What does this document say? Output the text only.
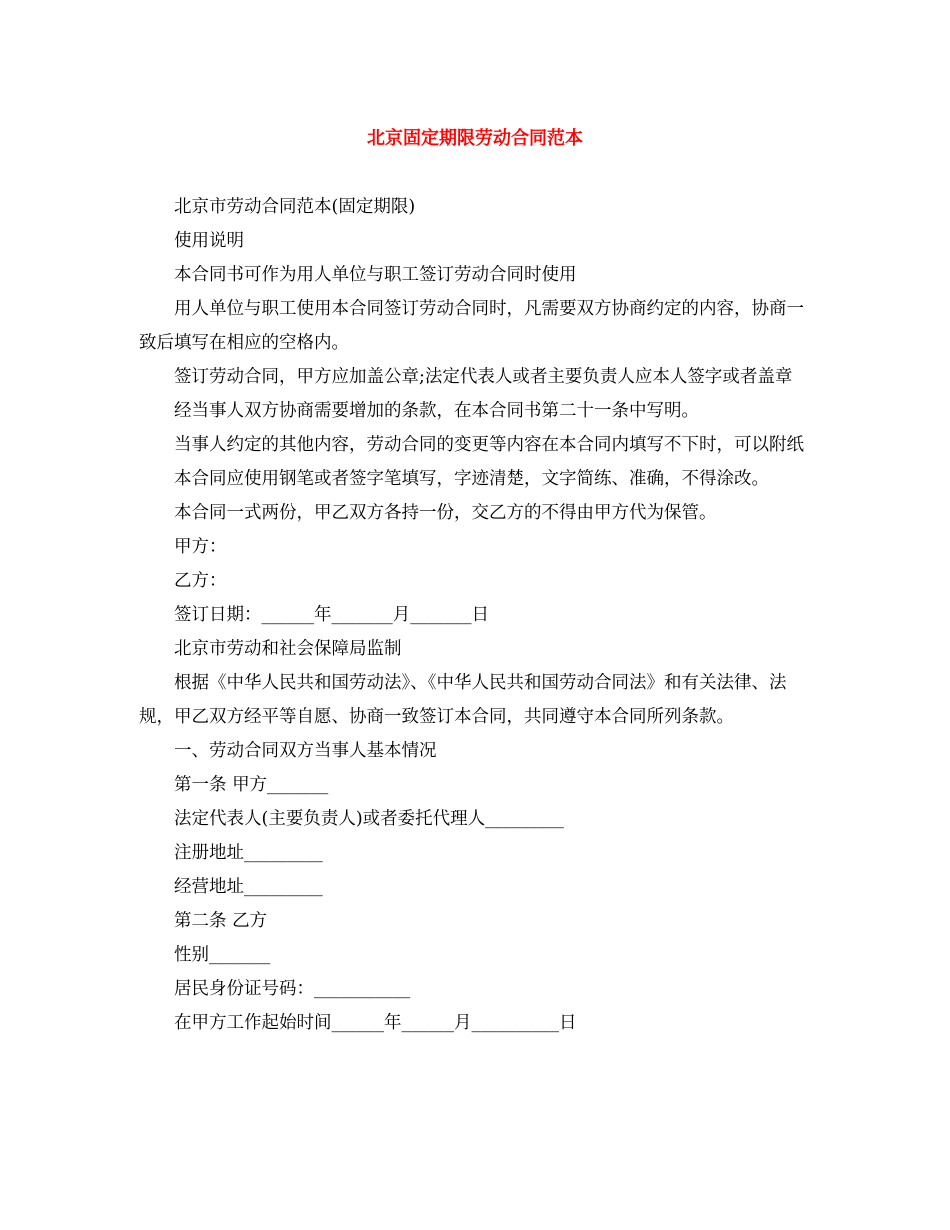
北京固定期限劳动合同范本

北京市劳动合同范本(固定期限)

使用说明

本合同书可作为用人单位与职工签订劳动合同时使用

用人单位与职工使用本合同签订劳动合同时，凡需要双方协商约定的内容，协商一致后填写在相应的空格内。

签订劳动合同，甲方应加盖公章;法定代表人或者主要负责人应本人签字或者盖章

经当事人双方协商需要增加的条款，在本合同书第二十一条中写明。

当事人约定的其他内容，劳动合同的变更等内容在本合同内填写不下时，可以附纸

本合同应使用钢笔或者签字笔填写，字迹清楚，文字简练、准确，不得涂改。

本合同一式两份，甲乙双方各持一份，交乙方的不得由甲方代为保管。

甲方：

乙方：

签订日期：______年_______月_______日

北京市劳动和社会保障局监制

根据《中华人民共和国劳动法》、《中华人民共和国劳动合同法》和有关法律、法规，甲乙双方经平等自愿、协商一致签订本合同，共同遵守本合同所列条款。

一、劳动合同双方当事人基本情况

第一条 甲方_______

法定代表人(主要负责人)或者委托代理人_________

注册地址_________

经营地址_________

第二条 乙方

性别_______

居民身份证号码：___________

在甲方工作起始时间______年______月__________日
